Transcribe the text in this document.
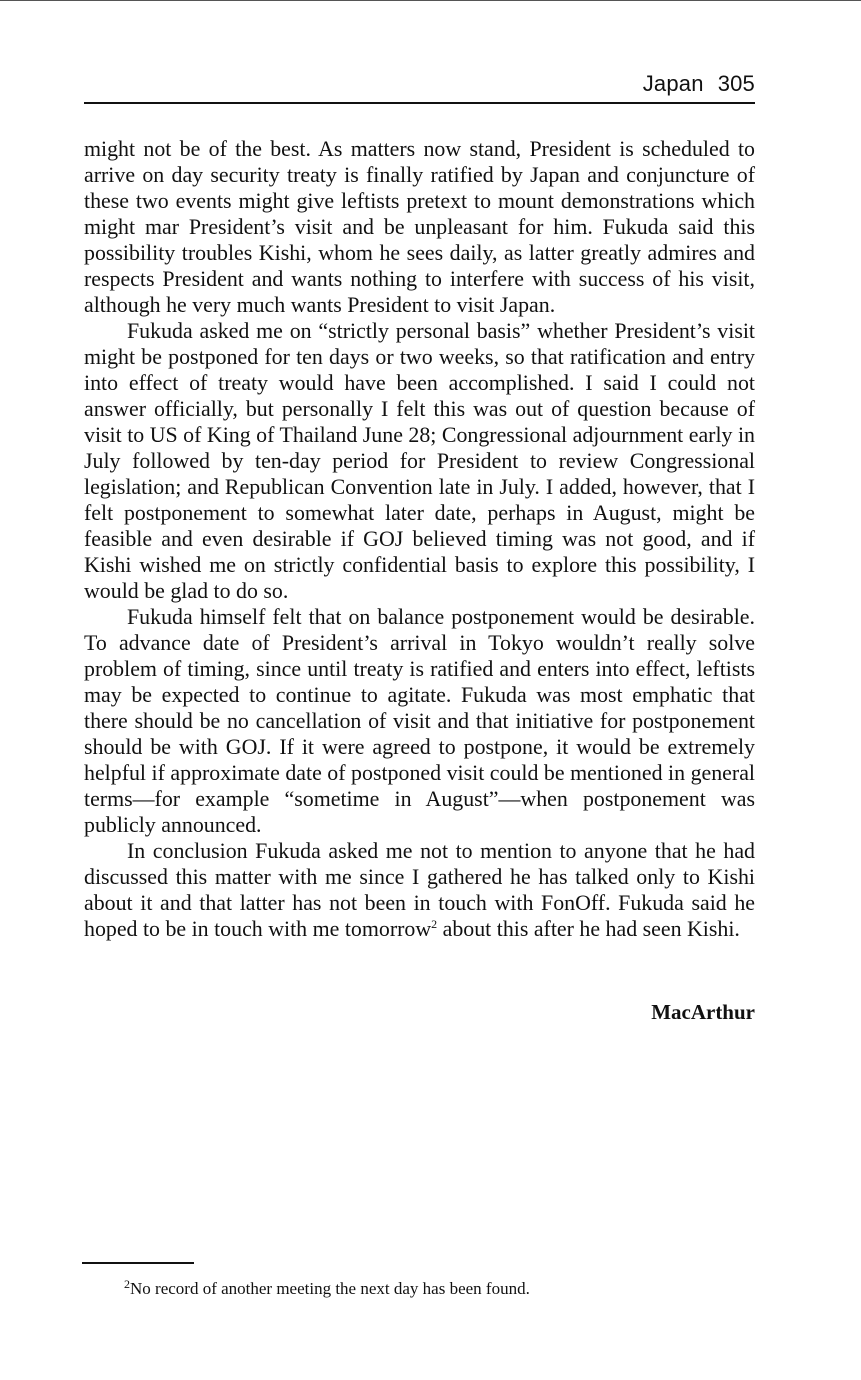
Japan 305

might not be of the best. As matters now stand, President is scheduled to arrive on day security treaty is finally ratified by Japan and conjuncture of these two events might give leftists pretext to mount demonstrations which might mar President’s visit and be unpleasant for him. Fukuda said this possibility troubles Kishi, whom he sees daily, as latter greatly admires and respects President and wants nothing to interfere with success of his visit, although he very much wants President to visit Japan.

Fukuda asked me on “strictly personal basis” whether President’s visit might be postponed for ten days or two weeks, so that ratification and entry into effect of treaty would have been accomplished. I said I could not answer officially, but personally I felt this was out of question because of visit to US of King of Thailand June 28; Congressional adjournment early in July followed by ten-day period for President to review Congressional legislation; and Republican Convention late in July. I added, however, that I felt postponement to somewhat later date, perhaps in August, might be feasible and even desirable if GOJ believed timing was not good, and if Kishi wished me on strictly confidential basis to explore this possibility, I would be glad to do so.

Fukuda himself felt that on balance postponement would be desirable. To advance date of President’s arrival in Tokyo wouldn’t really solve problem of timing, since until treaty is ratified and enters into effect, leftists may be expected to continue to agitate. Fukuda was most emphatic that there should be no cancellation of visit and that initiative for postponement should be with GOJ. If it were agreed to postpone, it would be extremely helpful if approximate date of postponed visit could be mentioned in general terms—for example “sometime in August”—when postponement was publicly announced.

In conclusion Fukuda asked me not to mention to anyone that he had discussed this matter with me since I gathered he has talked only to Kishi about it and that latter has not been in touch with FonOff. Fukuda said he hoped to be in touch with me tomorrow$^2$ about this after he had seen Kishi.

MacArthur
$^2$No record of another meeting the next day has been found.
